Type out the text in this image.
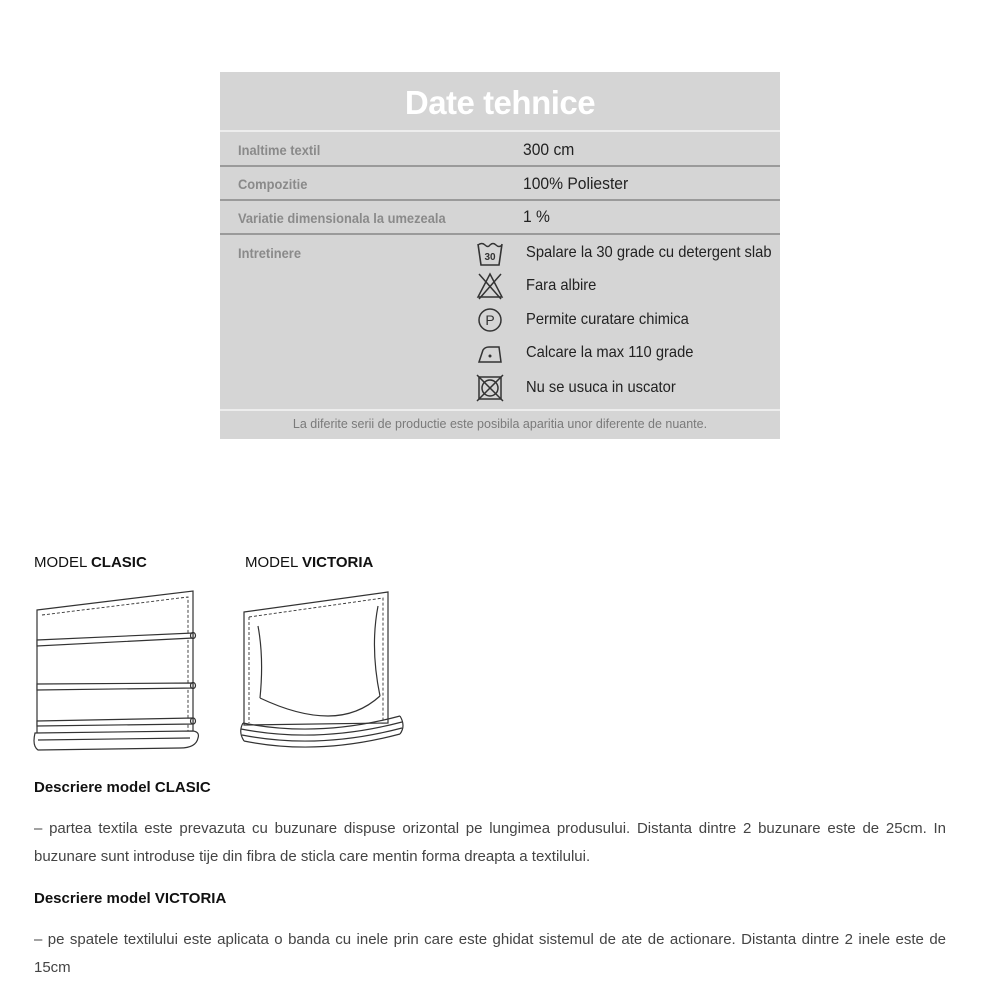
Date tehnice
Inaltime textil	300 cm
Compozitie	100% Poliester
Variatie dimensionala la umezeala	1 %
Intretinere	30 Spalare la 30 grade cu detergent slab
Fara albire
P Permite curatare chimica
Calcare la max 110 grade
Nu se usuca in uscator
La diferite serii de productie este posibila aparitia unor diferente de nuante.
MODEL CLASIC	MODEL VICTORIA
Descriere model CLASIC
– partea textila este prevazuta cu buzunare dispuse orizontal pe lungimea produsului. Distanta dintre 2 buzunare este de 25cm. In buzunare sunt introduse tije din fibra de sticla care mentin forma dreapta a textilului.
Descriere model VICTORIA
– pe spatele textilului este aplicata o banda cu inele prin care este ghidat sistemul de ate de actionare. Distanta dintre 2 inele este de 15cm
